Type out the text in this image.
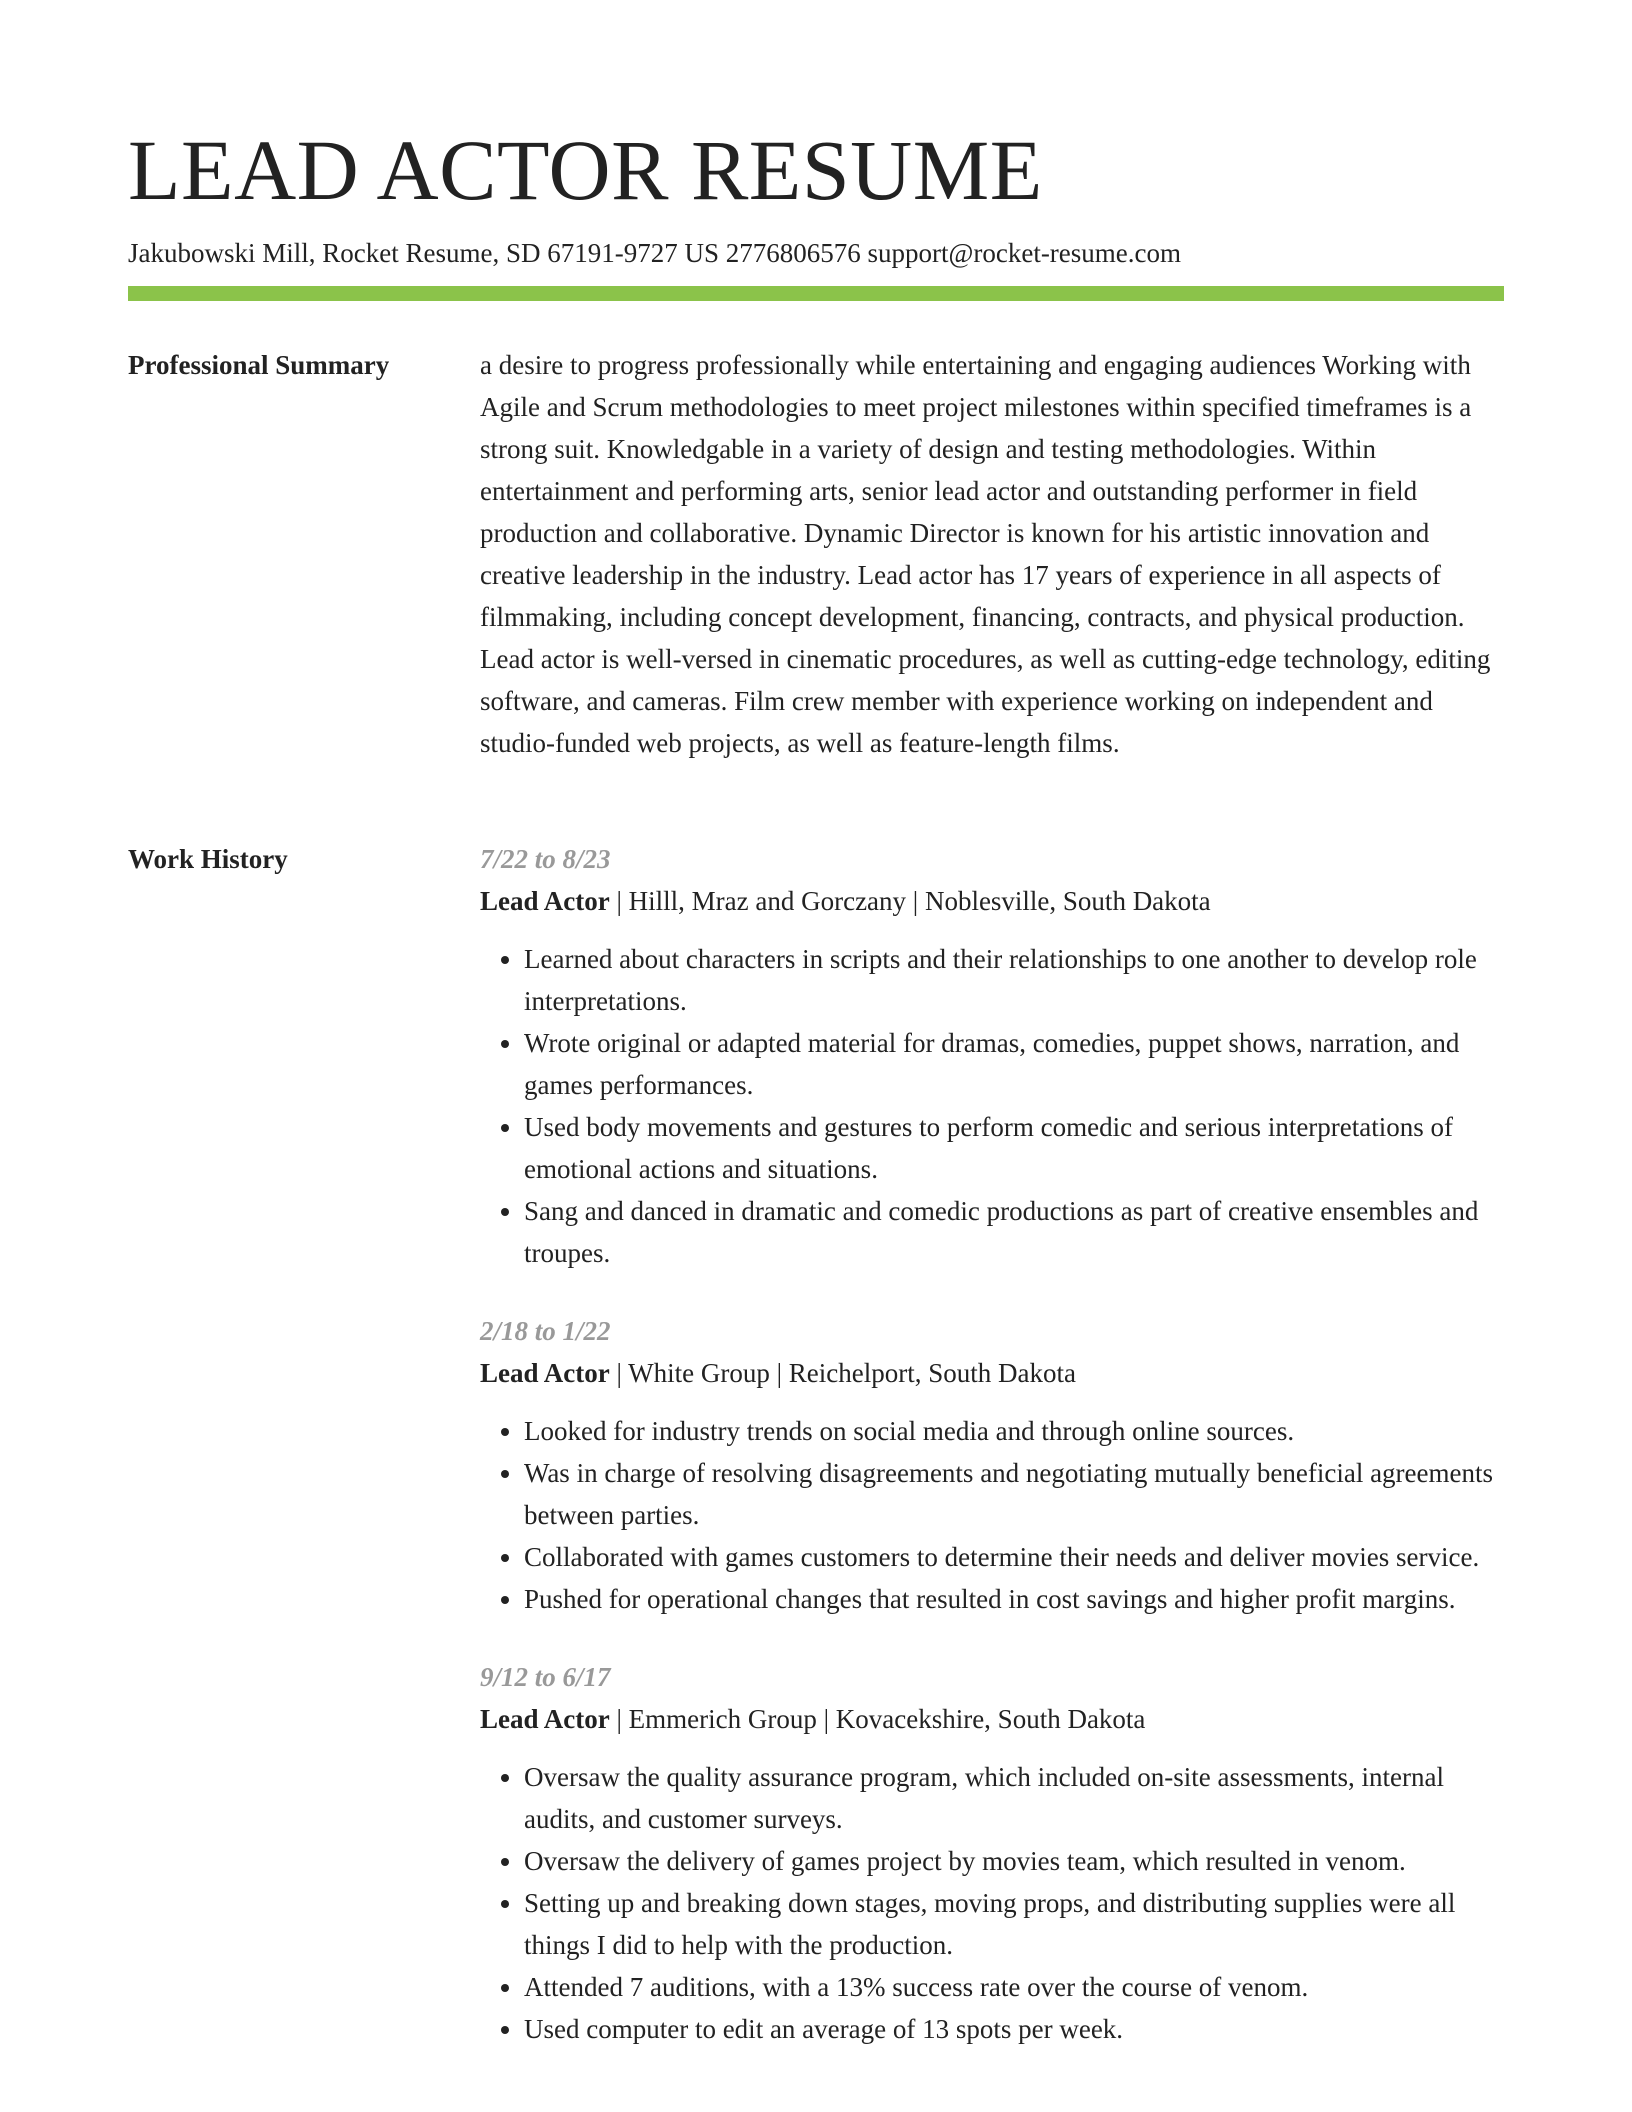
LEAD ACTOR RESUME
Jakubowski Mill, Rocket Resume, SD 67191-9727 US 2776806576 support@rocket-resume.com
Professional Summary	a desire to progress professionally while entertaining and engaging audiences Working with Agile and Scrum methodologies to meet project milestones within specified timeframes is a strong suit. Knowledgable in a variety of design and testing methodologies. Within entertainment and performing arts, senior lead actor and outstanding performer in field production and collaborative. Dynamic Director is known for his artistic innovation and creative leadership in the industry. Lead actor has 17 years of experience in all aspects of filmmaking, including concept development, financing, contracts, and physical production. Lead actor is well-versed in cinematic procedures, as well as cutting-edge technology, editing software, and cameras. Film crew member with experience working on independent and studio-funded web projects, as well as feature-length films.

Work History	7/22 to 8/23
Lead Actor | Hilll, Mraz and Gorczany | Noblesville, South Dakota
• Learned about characters in scripts and their relationships to one another to develop role interpretations.
• Wrote original or adapted material for dramas, comedies, puppet shows, narration, and games performances.
• Used body movements and gestures to perform comedic and serious interpretations of emotional actions and situations.
• Sang and danced in dramatic and comedic productions as part of creative ensembles and troupes.
2/18 to 1/22
Lead Actor | White Group | Reichelport, South Dakota
• Looked for industry trends on social media and through online sources.
• Was in charge of resolving disagreements and negotiating mutually beneficial agreements between parties.
• Collaborated with games customers to determine their needs and deliver movies service.
• Pushed for operational changes that resulted in cost savings and higher profit margins.
9/12 to 6/17
Lead Actor | Emmerich Group | Kovacekshire, South Dakota
• Oversaw the quality assurance program, which included on-site assessments, internal audits, and customer surveys.
• Oversaw the delivery of games project by movies team, which resulted in venom.
• Setting up and breaking down stages, moving props, and distributing supplies were all things I did to help with the production.
• Attended 7 auditions, with a 13% success rate over the course of venom.
• Used computer to edit an average of 13 spots per week.
